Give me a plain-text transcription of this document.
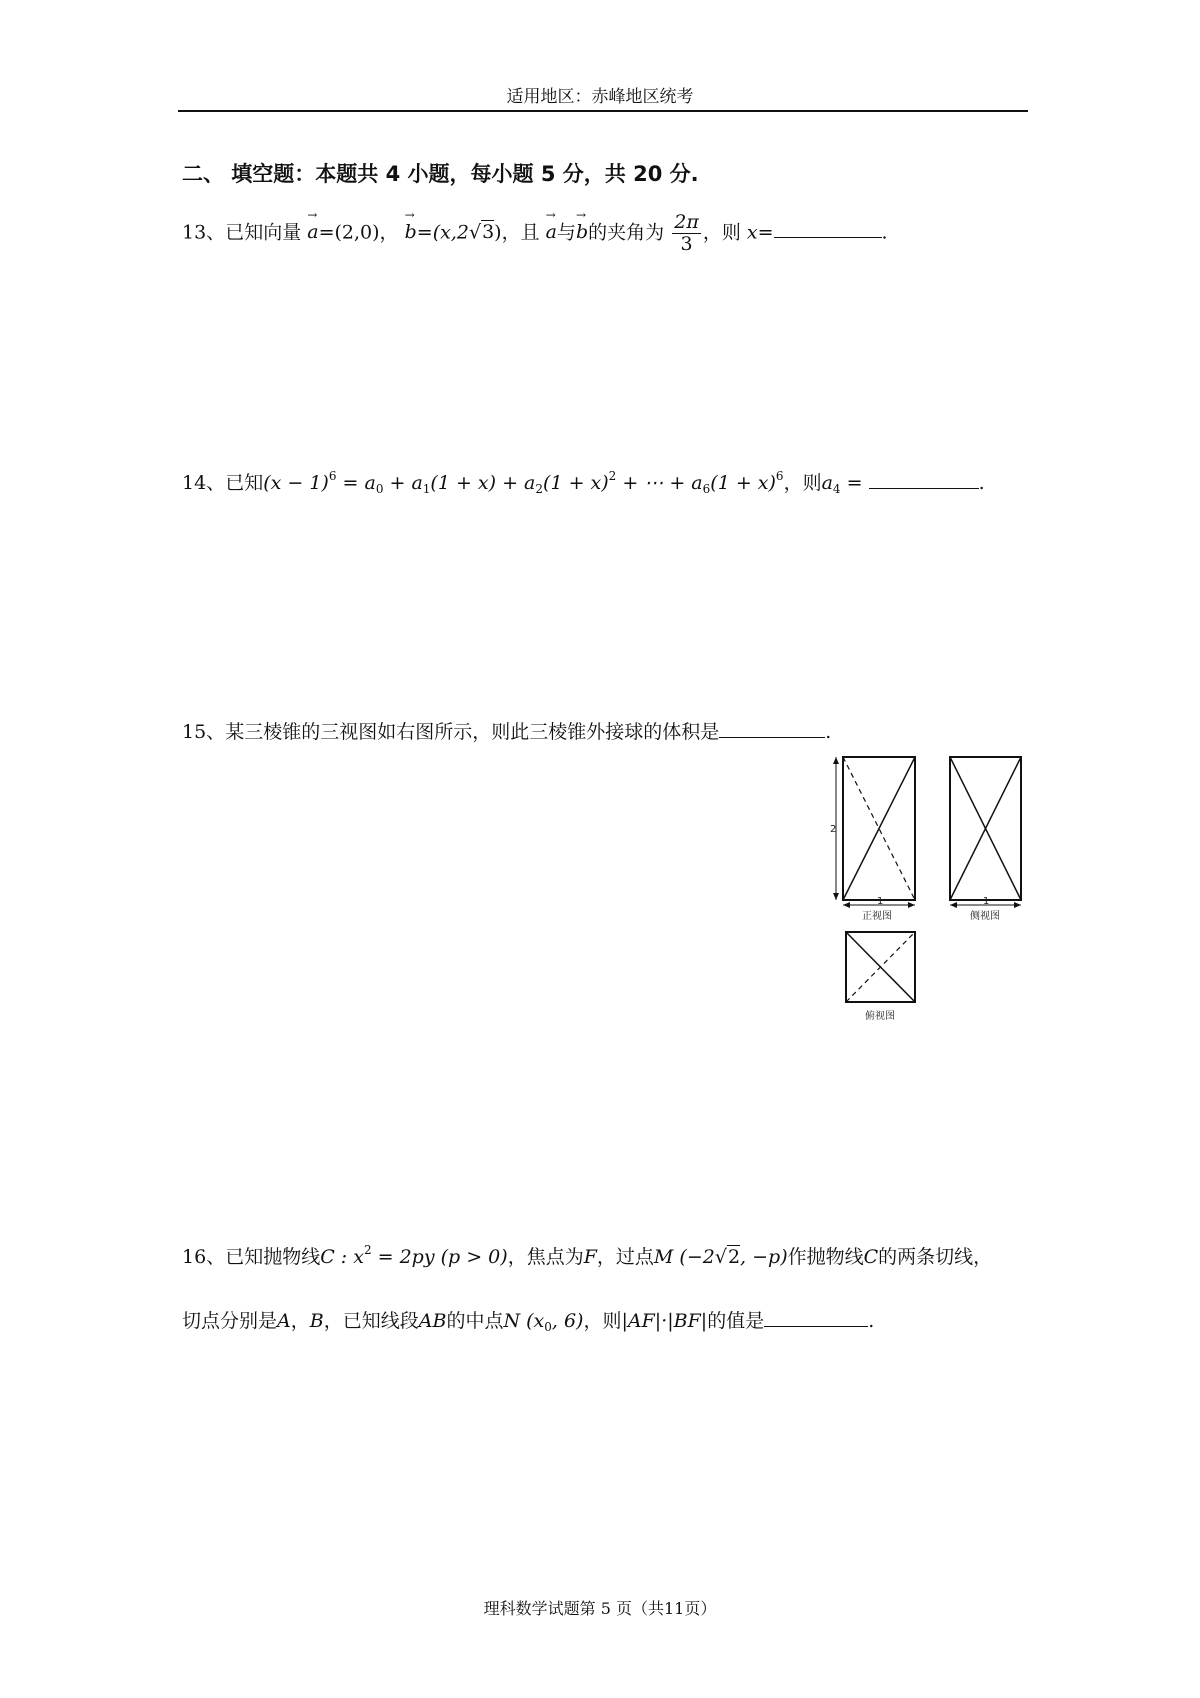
适用地区：赤峰地区统考
二、 填空题：本题共 4 小题，每小题 5 分，共 20 分.
13、已知向量 → a=(2,0)， → b=(x,2√3)，且 → a与→ b的夹角为 $\frac{2\pi}{3}$ ，则 x=	.
14、已知$(x - 1)^6 = a_0 + a_1(1 + x) + a_2(1 + x)^2$ + ⋯ + $a_6(1 + x)^6$，则$a_4$ =	.
15、某三棱锥的三视图如右图所示，则此三棱锥外接球的体积是	.
2
1
正视图
1
侧视图
俯视图
16、已知抛物线C : $x^2 = 2py$ (p > 0)，焦点为F，过点M (−2√2, −p)作抛物线C的两条切线，
切点分别是A，B，已知线段AB的中点N ($x_0$, 6)，则|AF|·|BF|的值是	.
理科数学试题第 5 页（共11页）
